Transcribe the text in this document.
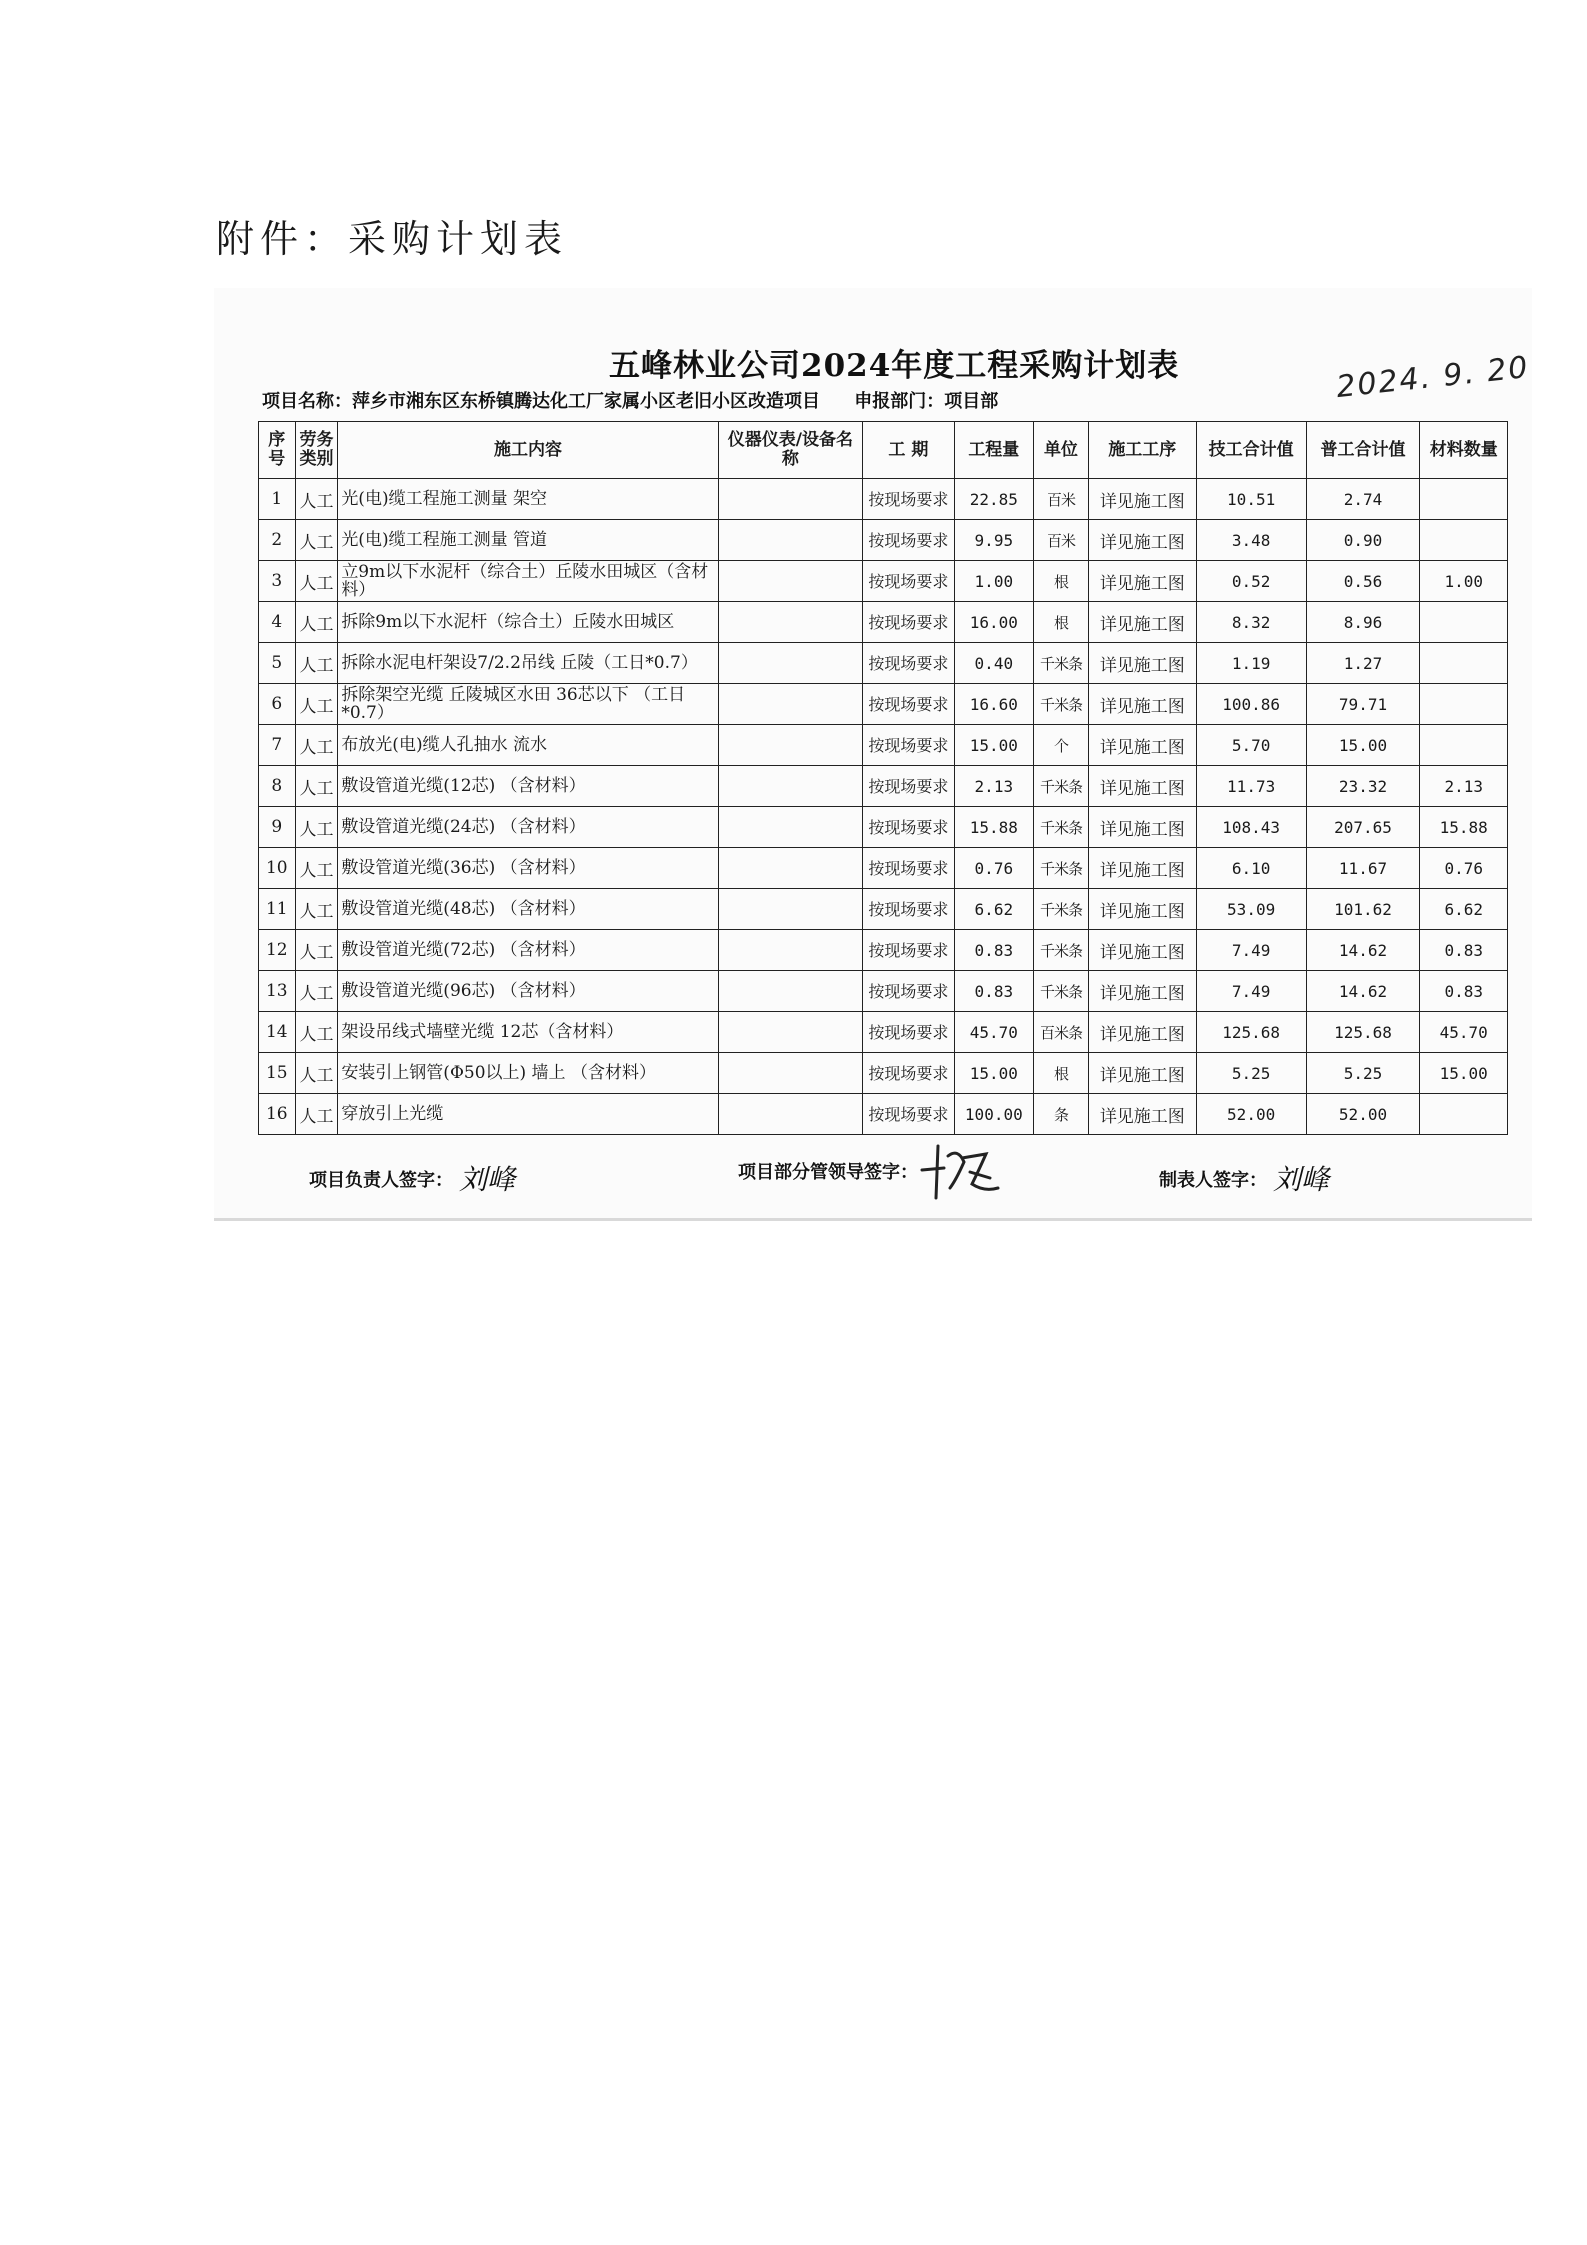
附件：采购计划表
五峰林业公司2024年度工程采购计划表	2024. 9. 20
项目名称：萍乡市湘东区东桥镇腾达化工厂家属小区老旧小区改造项目 申报部门：项目部
序号	劳务类别	施工内容	仪器仪表/设备名称	工 期	工程量	单位	施工工序	技工合计值	普工合计值	材料数量
1	人工	光(电)缆工程施工测量 架空		按现场要求	22.85	百米	详见施工图	10.51	2.74	
2	人工	光(电)缆工程施工测量 管道		按现场要求	9.95	百米	详见施工图	3.48	0.90	
3	人工	立9m以下水泥杆（综合土）丘陵水田城区（含材料）		按现场要求	1.00	根	详见施工图	0.52	0.56	1.00
4	人工	拆除9m以下水泥杆（综合土）丘陵水田城区		按现场要求	16.00	根	详见施工图	8.32	8.96	
5	人工	拆除水泥电杆架设7/2.2吊线 丘陵（工日*0.7）		按现场要求	0.40	千米条	详见施工图	1.19	1.27	
6	人工	拆除架空光缆 丘陵城区水田 36芯以下 （工日*0.7）		按现场要求	16.60	千米条	详见施工图	100.86	79.71	
7	人工	布放光(电)缆人孔抽水 流水		按现场要求	15.00	个	详见施工图	5.70	15.00	
8	人工	敷设管道光缆(12芯) （含材料）		按现场要求	2.13	千米条	详见施工图	11.73	23.32	2.13
9	人工	敷设管道光缆(24芯) （含材料）		按现场要求	15.88	千米条	详见施工图	108.43	207.65	15.88
10	人工	敷设管道光缆(36芯) （含材料）		按现场要求	0.76	千米条	详见施工图	6.10	11.67	0.76
11	人工	敷设管道光缆(48芯) （含材料）		按现场要求	6.62	千米条	详见施工图	53.09	101.62	6.62
12	人工	敷设管道光缆(72芯) （含材料）		按现场要求	0.83	千米条	详见施工图	7.49	14.62	0.83
13	人工	敷设管道光缆(96芯) （含材料）		按现场要求	0.83	千米条	详见施工图	7.49	14.62	0.83
14	人工	架设吊线式墙壁光缆 12芯（含材料）		按现场要求	45.70	百米条	详见施工图	125.68	125.68	45.70
15	人工	安装引上钢管(Φ50以上) 墙上 （含材料）		按现场要求	15.00	根	详见施工图	5.25	5.25	15.00
16	人工	穿放引上光缆		按现场要求	100.00	条	详见施工图	52.00	52.00	
项目负责人签字： 刘峰	项目部分管领导签字：	制表人签字： 刘峰
